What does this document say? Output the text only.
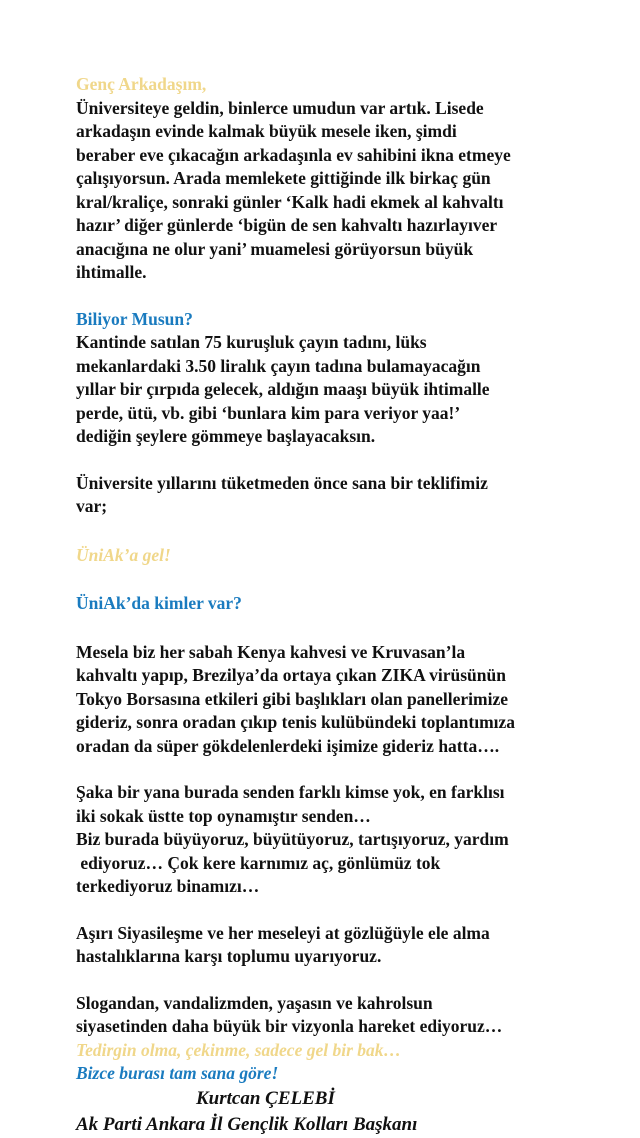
Genç Arkadaşım,

Üniversiteye geldin, binlerce umudun var artık. Lisede
arkadaşın evinde kalmak büyük mesele iken, şimdi
beraber eve çıkacağın arkadaşınla ev sahibini ikna etmeye
çalışıyorsun. Arada memlekete gittiğinde ilk birkaç gün
kral/kraliçe, sonraki günler ‘Kalk hadi ekmek al kahvaltı
hazır’ diğer günlerde ‘bigün de sen kahvaltı hazırlayıver
anacığına ne olur yani’ muamelesi görüyorsun büyük
ihtimalle.

Biliyor Musun?

Kantinde satılan 75 kuruşluk çayın tadını, lüks
mekanlardaki 3.50 liralık çayın tadına bulamayacağın
yıllar bir çırpıda gelecek, aldığın maaşı büyük ihtimalle
perde, ütü, vb. gibi ‘bunlara kim para veriyor yaa!’
dediğin şeylere gömmeye başlayacaksın.

Üniversite yıllarını tüketmeden önce sana bir teklifimiz
var;

ÜniAk’a gel!

ÜniAk’da kimler var?

Mesela biz her sabah Kenya kahvesi ve Kruvasan’la
kahvaltı yapıp, Brezilya’da ortaya çıkan ZIKA virüsünün
Tokyo Borsasına etkileri gibi başlıkları olan panellerimize
gideriz, sonra oradan çıkıp tenis kulübündeki toplantımıza
oradan da süper gökdelenlerdeki işimize gideriz hatta….

Şaka bir yana burada senden farklı kimse yok, en farklısı
iki sokak üstte top oynamıştır senden…
Biz burada büyüyoruz, büyütüyoruz, tartışıyoruz, yardım
ediyoruz… Çok kere karnımız aç, gönlümüz tok
terkediyoruz binamızı…

Aşırı Siyasileşme ve her meseleyi at gözlüğüyle ele alma
hastalıklarına karşı toplumu uyarıyoruz.

Slogandan, vandalizmden, yaşasın ve kahrolsun
siyasetinden daha büyük bir vizyonla hareket ediyoruz…
Tedirgin olma, çekinme, sadece gel bir bak…
Bizce burası tam sana göre!

Kurtcan ÇELEBİ
Ak Parti Ankara İl Gençlik Kolları Başkanı
